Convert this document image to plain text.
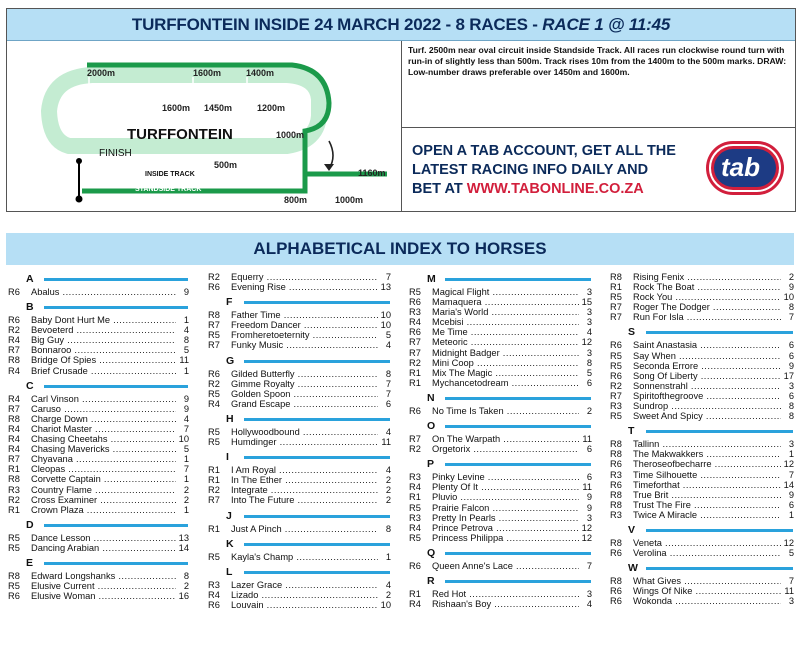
TURFFONTEIN INSIDE 24 MARCH 2022 - 8 RACES - RACE 1 @ 11:45
2000m	1600m	1400m
1600m 1450m	1200m
1000m
500m
1160m
800m	1000m
TURFFONTEIN
FINISH
INSIDE TRACK
STANDSIDE TRACK
Turf. 2500m near oval circuit inside Standside Track. All races run clockwise round turn with run-in of slightly less than 500m. Track rises 10m from the 1400m to the 500m marks. DRAW: Low-number draws preferable over 1450m and 1600m.
OPEN A TAB ACCOUNT, GET ALL THE
LATEST RACING INFO DAILY AND
BET AT WWW.TABONLINE.CO.ZA
tab
ALPHABETICAL INDEX TO HORSES
A
R6	Abalus .....	9
B
R6	Baby Dont Hurt Me .....	1
R2	Bevoeterd .....	4
R4	Big Guy .....	8
R7	Bonnaroo .....	5
R8	Bridge Of Spies .....	11
R4	Brief Crusade .....	1
C
R4	Carl Vinson .....	9
R7	Caruso .....	9
R8	Charge Down .....	4
R4	Chariot Master .....	7
R4	Chasing Cheetahs .....	10
R4	Chasing Mavericks .....	5
R7	Chyavana .....	1
R1	Cleopas .....	7
R8	Corvette Captain .....	1
R3	Country Flame .....	2
R2	Cross Examiner .....	2
R1	Crown Plaza .....	1
D
R5	Dance Lesson .....	13
R5	Dancing Arabian .....	14
E
R8	Edward Longshanks .....	8
R5	Elusive Current .....	2
R6	Elusive Woman .....	16
R2	Equerry .....	7
R6	Evening Rise .....	13
F
R8	Father Time .....	10
R7	Freedom Dancer .....	10
R5	Fromheretoeternity .....	5
R7	Funky Music .....	4
G
R6	Gilded Butterfly .....	8
R2	Gimme Royalty .....	7
R5	Golden Spoon .....	7
R4	Grand Escape .....	6
H
R5	Hollywoodbound .....	4
R5	Humdinger .....	11
I
R1	I Am Royal .....	4
R1	In The Ether .....	2
R2	Integrate .....	2
R7	Into The Future .....	2
J
R1	Just A Pinch .....	8
K
R5	Kayla's Champ .....	1
L
R3	Lazer Grace .....	4
R4	Lizado .....	2
R6	Louvain .....	10
M
R5	Magical Flight .....	3
R6	Mamaquera .....	15
R3	Maria's World .....	3
R4	Mcebisi .....	3
R6	Me Time .....	4
R7	Meteoric .....	12
R7	Midnight Badger .....	3
R2	Mini Coop .....	8
R1	Mix The Magic .....	5
R1	Mychancetodream .....	6
N
R6	No Time Is Taken .....	2
O
R7	On The Warpath .....	11
R2	Orgetorix .....	6
P
R3	Pinky Levine .....	6
R4	Plenty Of It .....	11
R1	Pluvio .....	9
R5	Prairie Falcon .....	9
R3	Pretty In Pearls .....	3
R4	Prince Petrova .....	12
R5	Princess Philippa .....	12
Q
R6	Queen Anne's Lace .....	7
R
R1	Red Hot .....	3
R4	Rishaan's Boy .....	4
R8	Rising Fenix .....	2
R1	Rock The Boat .....	9
R5	Rock You .....	10
R7	Roger The Dodger .....	8
R7	Run For Isla .....	7
S
R6	Saint Anastasia .....	6
R5	Say When .....	6
R5	Seconda Errore .....	9
R6	Song Of Liberty .....	17
R2	Sonnenstrahl .....	3
R7	Spiritofthegroove .....	6
R3	Sundrop .....	8
R5	Sweet And Spicy .....	8
T
R8	Tallinn .....	3
R8	The Makwakkers .....	1
R6	Theroseofbecharre .....	12
R3	Time Silhouette .....	7
R6	Timeforthat .....	14
R8	True Brit .....	9
R8	Trust The Fire .....	6
R3	Twice A Miracle .....	1
V
R8	Veneta .....	12
R6	Verolina .....	5
W
R8	What Gives .....	7
R6	Wings Of Nike .....	11
R6	Wokonda .....	3
